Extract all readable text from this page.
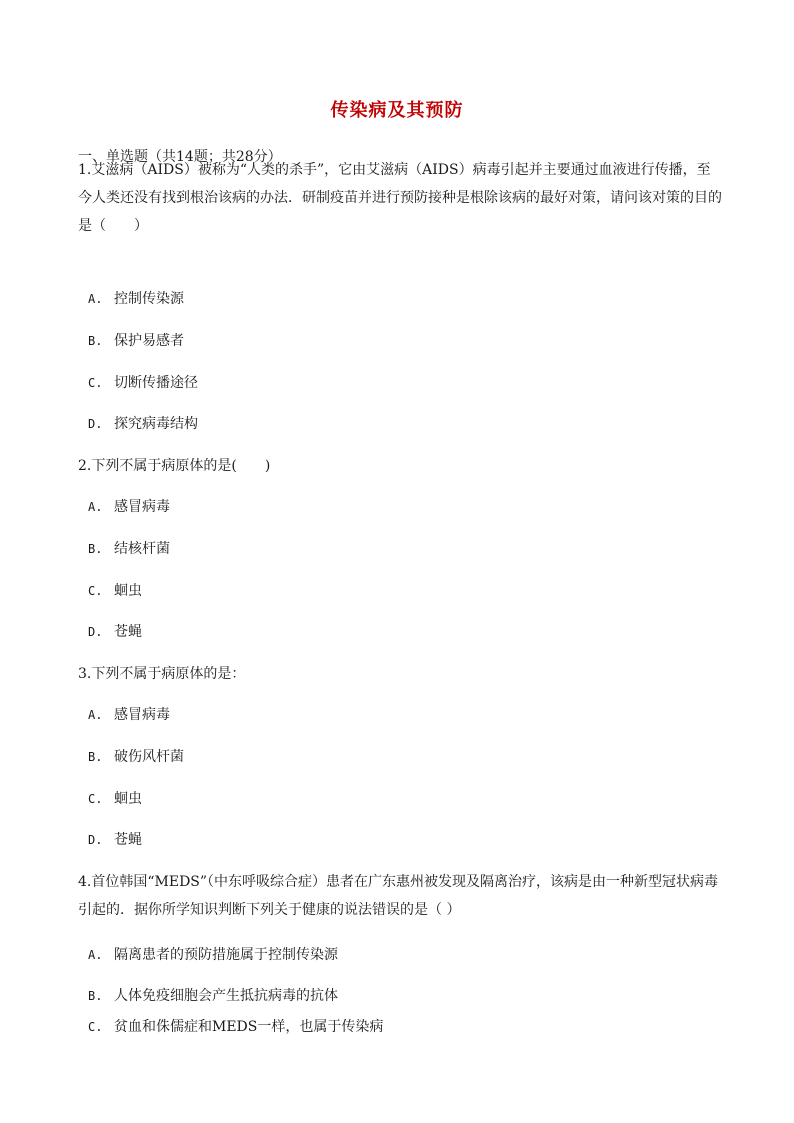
传染病及其预防
一、单选题（共14题；共28分）
1.艾滋病（AIDS）被称为“人类的杀手”，它由艾滋病（AIDS）病毒引起并主要通过血液进行传播，至今人类还没有找到根治该病的办法．研制疫苗并进行预防接种是根除该病的最好对策，请问该对策的目的是（　　）
A. 控制传染源
B. 保护易感者
C. 切断传播途径
D. 探究病毒结构
2.下列不属于病原体的是(　　)
A. 感冒病毒
B. 结核杆菌
C. 蛔虫
D. 苍蝇
3.下列不属于病原体的是：
A. 感冒病毒
B. 破伤风杆菌
C. 蛔虫
D. 苍蝇
4.首位韩国“MEDS”（中东呼吸综合症）患者在广东惠州被发现及隔离治疗，该病是由一种新型冠状病毒引起的．据你所学知识判断下列关于健康的说法错误的是（ ）
A. 隔离患者的预防措施属于控制传染源
B. 人体免疫细胞会产生抵抗病毒的抗体
C. 贫血和侏儒症和MEDS一样，也属于传染病
